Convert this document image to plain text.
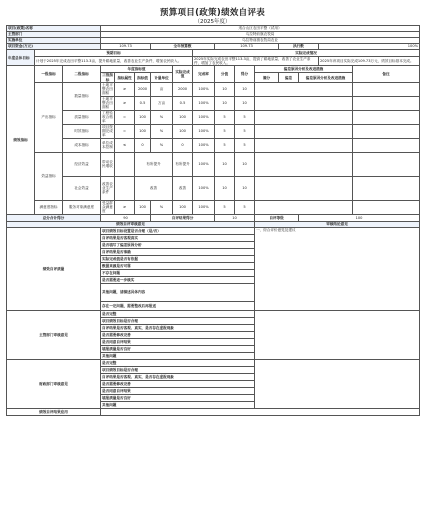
预算项目(政策)绩效自评表
（2025年度）
项目(政策)名称			适合山区农田平整（试用）												
主管部门			乌拉特前旗农牧局												
实施单位			乌拉特前旗农牧局农业												
项目资金(万元)			109.73			全年预算数			109.73			执行数		100%	
年度总体目标	预期目标							实际完成情况							
	计划于2025年完成农田平整113.3亩，提升耕地质量，改善农业生产条件，增加农民收入。							2025年实际完成农田平整113.3亩，提高了耕地质量，改善了农业生产条件，增加了农民收入。						2025年该项目实际完成109.73万元，绩效目标基本完成。	
绩效指标	一级指标	二级指标	年度指标值				实际完成值	完成率	分值	得分	偏差原因分析及改进措施				备注
			三级指标	指标属性	指标值	计量单位					满分	偏差	偏差原因分析及改进措施		
	产出指标	数量指标	土地平整农田面积	≥	2000	亩	2000	100%	10	10					
			土地平整农田面积	≥	0.5	万亩	0.5	100%	10	10					
		质量指标	工程验收合格率	=	100	%	100	100%	5	5					
		时效指标	项目按期完成率	=	100	%	100	100%	5	5					
		成本指标	单位成本控制	≤	0	%	0	100%	5	5					
	效益指标	经济效益	带动农民增收		有所提升		有所提升	100%	10	10					
		社会效益	改善农业生产条件		改善		改善	100%	10	10					
	满意度指标	服务对象满意度	受益群众满意度	≥	100	%	100	100%	5	5					
总分合计得分			90			自评结果得分			10		自评等级		100		
绩效自评审核意见											审核结论意见				
绩效自评质量			项目绩效目标设置是否合理（是/否）								一、综合评价意见及建议				
			自评结果是否客观真实												
			是否填写了偏差原因分析												
			自评结果是否准确												
			实际完成值是否有依据												
			数据来源是否可靠												
			不存在问题												
			是否需要进一步核实												
			其他问题，请描述具体内容												
			存在一定问题，需要整改后再报送												
主管部门审核意见			是否完整												
			项目绩效目标是否合理												
			自评结果是否客观、真实，是否存在虚报现象												
			是否需要修改完善												
			是否同意自评结果												
			填报质量是否良好												
			其他问题												
财政部门审核意见			是否完整												
			项目绩效目标是否合理												
			自评结果是否客观、真实，是否存在虚报现象												
			是否需要修改完善												
			是否同意自评结果												
			填报质量是否良好												
			其他问题												
绩效自评结果应用															
